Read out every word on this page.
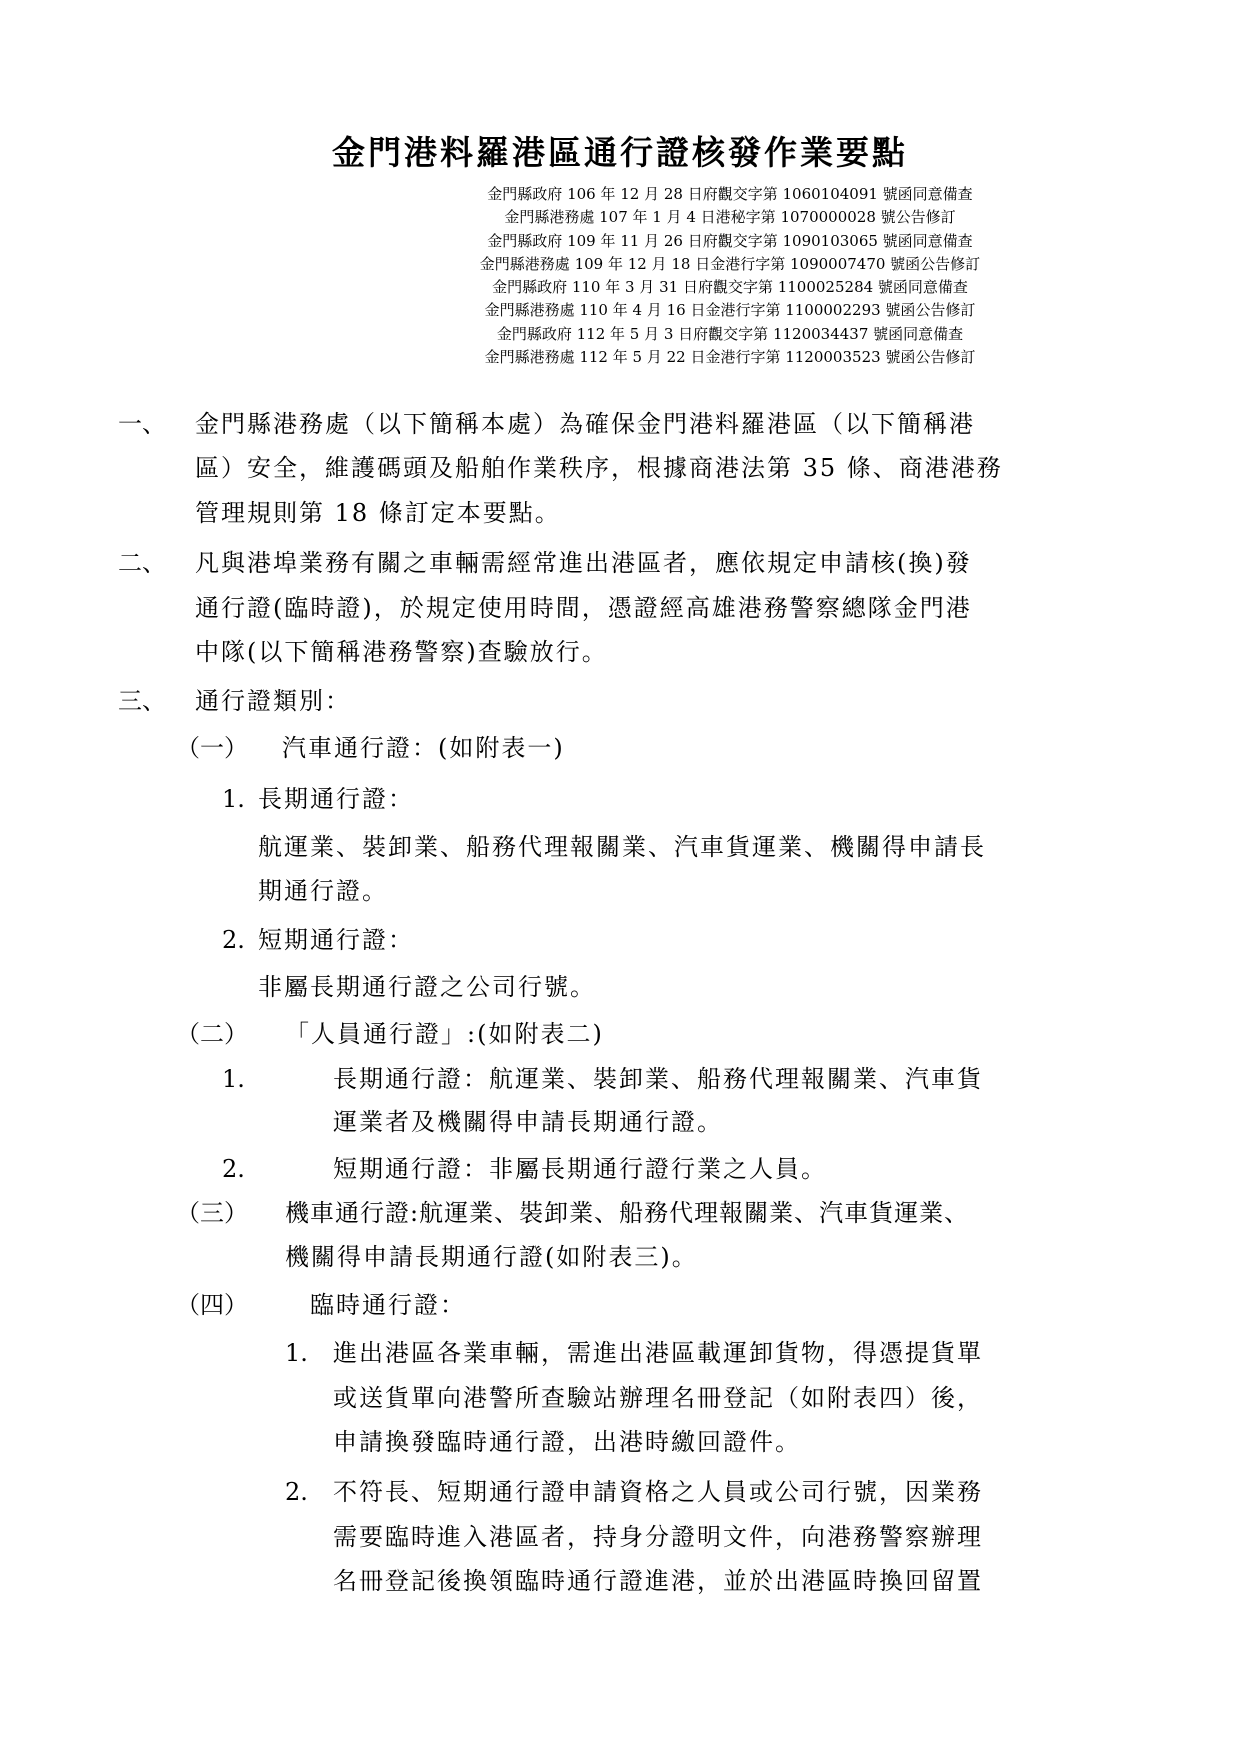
金門港料羅港區通行證核發作業要點
金門縣政府 106 年 12 月 28 日府觀交字第 1060104091 號函同意備查
金門縣港務處 107 年 1 月 4 日港秘字第 1070000028 號公告修訂
金門縣政府 109 年 11 月 26 日府觀交字第 1090103065 號函同意備查
金門縣港務處 109 年 12 月 18 日金港行字第 1090007470 號函公告修訂
金門縣政府 110 年 3 月 31 日府觀交字第 1100025284 號函同意備查
金門縣港務處 110 年 4 月 16 日金港行字第 1100002293 號函公告修訂
金門縣政府 112 年 5 月 3 日府觀交字第 1120034437 號函同意備查
金門縣港務處 112 年 5 月 22 日金港行字第 1120003523 號函公告修訂
一、 金門縣港務處（以下簡稱本處）為確保金門港料羅港區（以下簡稱港
區）安全，維護碼頭及船舶作業秩序，根據商港法第 35 條、商港港務
管理規則第 18 條訂定本要點。
二、 凡與港埠業務有關之車輛需經常進出港區者，應依規定申請核(換)發
通行證(臨時證)，於規定使用時間，憑證經高雄港務警察總隊金門港
中隊(以下簡稱港務警察)查驗放行。
三、 通行證類別：
（一） 汽車通行證：(如附表一)
1. 長期通行證：
航運業、裝卸業、船務代理報關業、汽車貨運業、機關得申請長
期通行證。
2. 短期通行證：
非屬長期通行證之公司行號。
（二） 「人員通行證」:(如附表二)
1.	長期通行證：航運業、裝卸業、船務代理報關業、汽車貨
運業者及機關得申請長期通行證。
2.	短期通行證：非屬長期通行證行業之人員。
（三） 機車通行證:航運業、裝卸業、船務代理報關業、汽車貨運業、
機關得申請長期通行證(如附表三)。
（四）	臨時通行證：
1. 進出港區各業車輛，需進出港區載運卸貨物，得憑提貨單
或送貨單向港警所查驗站辦理名冊登記（如附表四）後，
申請換發臨時通行證，出港時繳回證件。
2. 不符長、短期通行證申請資格之人員或公司行號，因業務
需要臨時進入港區者，持身分證明文件，向港務警察辦理
名冊登記後換領臨時通行證進港，並於出港區時換回留置
